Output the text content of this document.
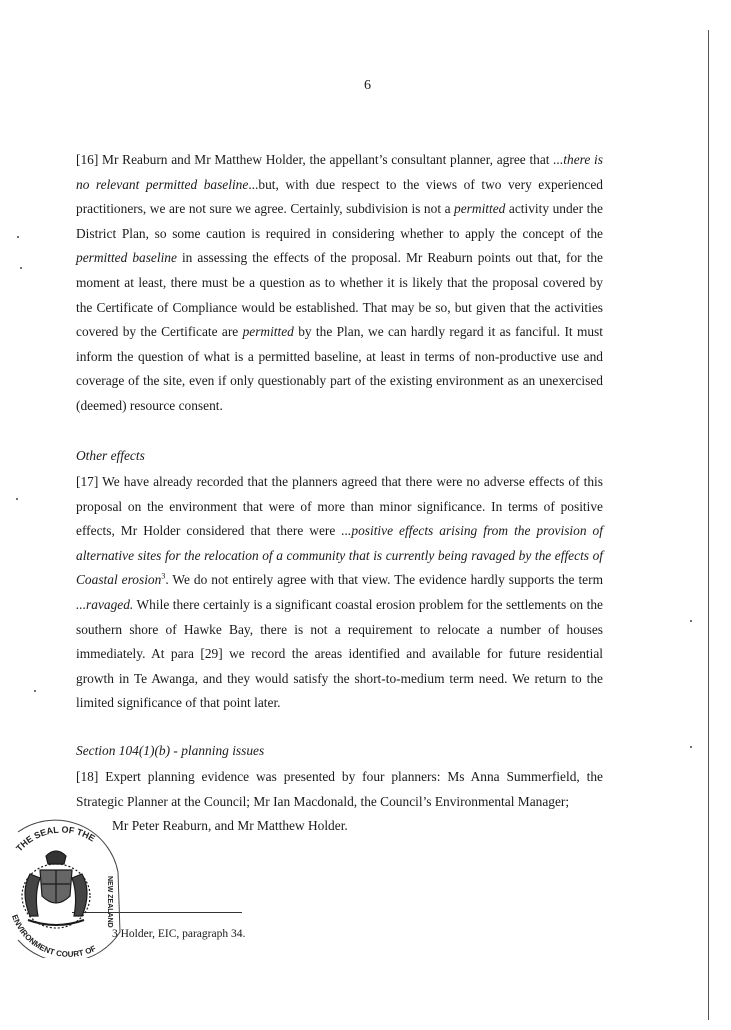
6

[16] Mr Reaburn and Mr Matthew Holder, the appellant’s consultant planner, agree that ...there is no relevant permitted baseline...but, with due respect to the views of two very experienced practitioners, we are not sure we agree. Certainly, subdivision is not a permitted activity under the District Plan, so some caution is required in considering whether to apply the concept of the permitted baseline in assessing the effects of the proposal. Mr Reaburn points out that, for the moment at least, there must be a question as to whether it is likely that the proposal covered by the Certificate of Compliance would be established. That may be so, but given that the activities covered by the Certificate are permitted by the Plan, we can hardly regard it as fanciful. It must inform the question of what is a permitted baseline, at least in terms of non-productive use and coverage of the site, even if only questionably part of the existing environment as an unexercised (deemed) resource consent.

Other effects

[17] We have already recorded that the planners agreed that there were no adverse effects of this proposal on the environment that were of more than minor significance. In terms of positive effects, Mr Holder considered that there were ...positive effects arising from the provision of alternative sites for the relocation of a community that is currently being ravaged by the effects of Coastal erosion$^3$. We do not entirely agree with that view. The evidence hardly supports the term ...ravaged. While there certainly is a significant coastal erosion problem for the settlements on the southern shore of Hawke Bay, there is not a requirement to relocate a number of houses immediately. At para [29] we record the areas identified and available for future residential growth in Te Awanga, and they would satisfy the short-to-medium term need. We return to the limited significance of that point later.

Section 104(1)(b) - planning issues

[18] Expert planning evidence was presented by four planners: Ms Anna Summerfield, the Strategic Planner at the Council; Mr Ian Macdonald, the Council’s Environmental Manager;

Mr Peter Reaburn, and Mr Matthew Holder.

3 Holder, EIC, paragraph 34.
THE SEAL OF THE
NEW ZEALAND
ENVIRONMENT COURT OF
